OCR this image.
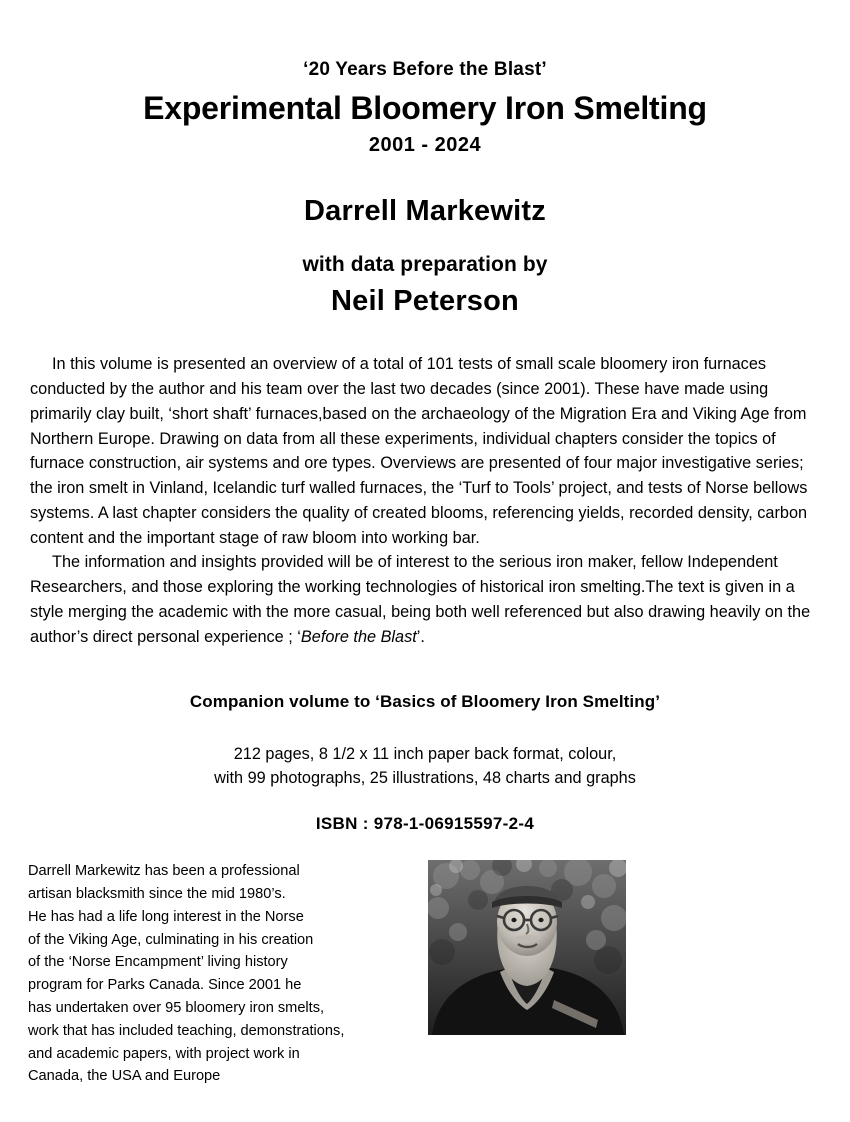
‘20 Years Before the Blast’
Experimental Bloomery Iron Smelting
2001 - 2024
Darrell Markewitz
with data preparation by
Neil Peterson

In this volume is presented an overview of a total of 101 tests of small scale bloomery iron furnaces conducted by the author and his team over the last two decades (since 2001). These have made using primarily clay built, ‘short shaft’ furnaces,based on the archaeology of the Migration Era and Viking Age from Northern Europe. Drawing on data from all these experiments, individual chapters consider the topics of furnace construction, air systems and ore types. Overviews are presented of four major investigative series; the iron smelt in Vinland, Icelandic turf walled furnaces, the ‘Turf to Tools’ project, and tests of Norse bellows systems. A last chapter considers the quality of created blooms, referencing yields, recorded density, carbon content and the important stage of raw bloom into working bar.

The information and insights provided will be of interest to the serious iron maker, fellow Independent Researchers, and those exploring the working technologies of historical iron smelting.The text is given in a style merging the academic with the more casual, being both well referenced but also drawing heavily on the author’s direct personal experience ; ‘Before the Blast’.

Companion volume to ‘Basics of Bloomery Iron Smelting’
212 pages, 8 1/2 x 11 inch paper back format, colour,
with 99 photographs, 25 illustrations, 48 charts and graphs
ISBN : 978-1-06915597-2-4

Darrell Markewitz has been a professional

artisan blacksmith since the mid 1980’s.

He has had a life long interest in the Norse

of the Viking Age, culminating in his creation

of the ‘Norse Encampment’ living history

program for Parks Canada. Since 2001 he

has undertaken over 95 bloomery iron smelts,

work that has included teaching, demonstrations,

and academic papers, with project work in

Canada, the USA and Europe
